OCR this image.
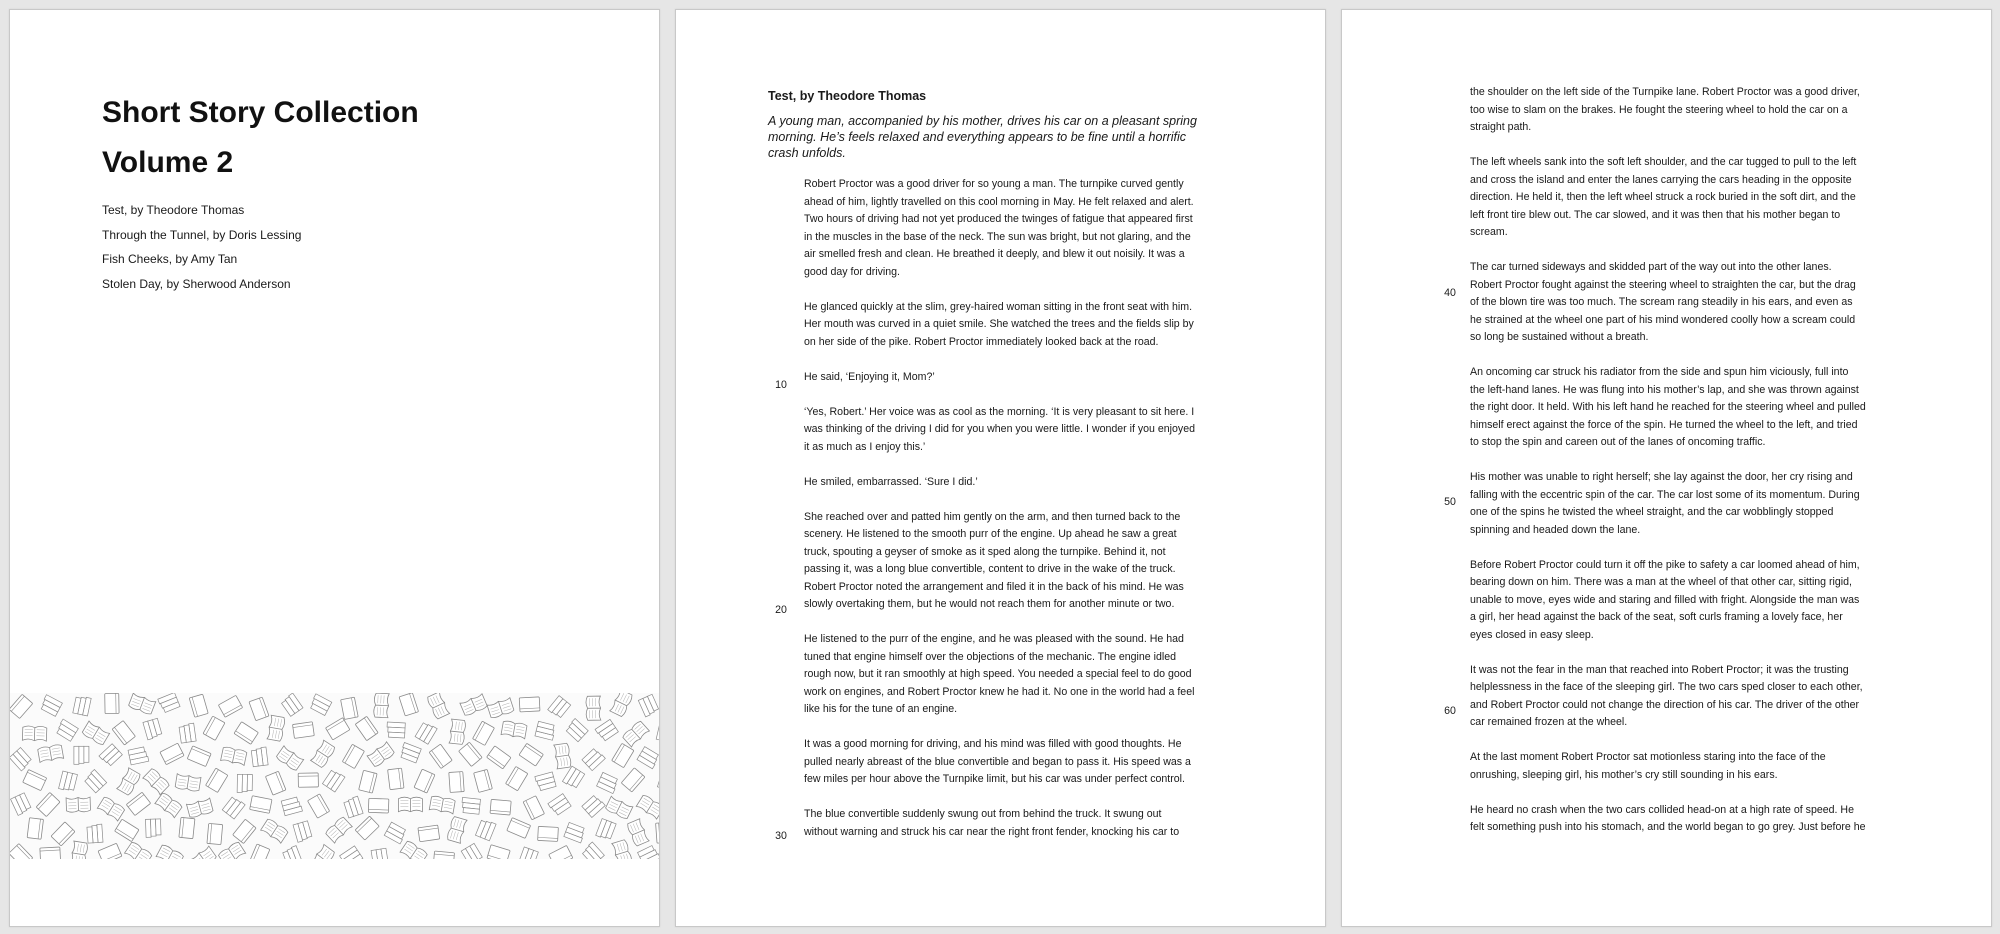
Short Story Collection
Volume 2
Test, by Theodore Thomas
Through the Tunnel, by Doris Lessing
Fish Cheeks, by Amy Tan
Stolen Day, by Sherwood Anderson
Test, by Theodore Thomas
A young man, accompanied by his mother, drives his car on a pleasant spring morning. He’s feels relaxed and everything appears to be fine until a horrific crash unfolds.

Robert Proctor was a good driver for so young a man. The turnpike curved gently ahead of him, lightly travelled on this cool morning in May. He felt relaxed and alert. Two hours of driving had not yet produced the twinges of fatigue that appeared first in the muscles in the base of the neck. The sun was bright, but not glaring, and the air smelled fresh and clean. He breathed it deeply, and blew it out noisily. It was a good day for driving.

He glanced quickly at the slim, grey-haired woman sitting in the front seat with him. Her mouth was curved in a quiet smile. She watched the trees and the fields slip by on her side of the pike. Robert Proctor immediately looked back at the road.

He said, ‘Enjoying it, Mom?’

‘Yes, Robert.’ Her voice was as cool as the morning. ‘It is very pleasant to sit here. I was thinking of the driving I did for you when you were little. I wonder if you enjoyed it as much as I enjoy this.’

He smiled, embarrassed. ‘Sure I did.’

She reached over and patted him gently on the arm, and then turned back to the scenery. He listened to the smooth purr of the engine. Up ahead he saw a great truck, spouting a geyser of smoke as it sped along the turnpike. Behind it, not passing it, was a long blue convertible, content to drive in the wake of the truck. Robert Proctor noted the arrangement and filed it in the back of his mind. He was slowly overtaking them, but he would not reach them for another minute or two.

He listened to the purr of the engine, and he was pleased with the sound. He had tuned that engine himself over the objections of the mechanic. The engine idled rough now, but it ran smoothly at high speed. You needed a special feel to do good work on engines, and Robert Proctor knew he had it. No one in the world had a feel like his for the tune of an engine.

It was a good morning for driving, and his mind was filled with good thoughts. He pulled nearly abreast of the blue convertible and began to pass it. His speed was a few miles per hour above the Turnpike limit, but his car was under perfect control.

The blue convertible suddenly swung out from behind the truck. It swung out without warning and struck his car near the right front fender, knocking his car to

10
20
30

the shoulder on the left side of the Turnpike lane. Robert Proctor was a good driver, too wise to slam on the brakes. He fought the steering wheel to hold the car on a straight path.

The left wheels sank into the soft left shoulder, and the car tugged to pull to the left and cross the island and enter the lanes carrying the cars heading in the opposite direction. He held it, then the left wheel struck a rock buried in the soft dirt, and the left front tire blew out. The car slowed, and it was then that his mother began to scream.

The car turned sideways and skidded part of the way out into the other lanes. Robert Proctor fought against the steering wheel to straighten the car, but the drag of the blown tire was too much. The scream rang steadily in his ears, and even as he strained at the wheel one part of his mind wondered coolly how a scream could so long be sustained without a breath.

An oncoming car struck his radiator from the side and spun him viciously, full into the left-hand lanes. He was flung into his mother’s lap, and she was thrown against the right door. It held. With his left hand he reached for the steering wheel and pulled himself erect against the force of the spin. He turned the wheel to the left, and tried to stop the spin and careen out of the lanes of oncoming traffic.

His mother was unable to right herself; she lay against the door, her cry rising and falling with the eccentric spin of the car. The car lost some of its momentum. During one of the spins he twisted the wheel straight, and the car wobblingly stopped spinning and headed down the lane.

Before Robert Proctor could turn it off the pike to safety a car loomed ahead of him, bearing down on him. There was a man at the wheel of that other car, sitting rigid, unable to move, eyes wide and staring and filled with fright. Alongside the man was a girl, her head against the back of the seat, soft curls framing a lovely face, her eyes closed in easy sleep.

It was not the fear in the man that reached into Robert Proctor; it was the trusting helplessness in the face of the sleeping girl. The two cars sped closer to each other, and Robert Proctor could not change the direction of his car. The driver of the other car remained frozen at the wheel.

At the last moment Robert Proctor sat motionless staring into the face of the onrushing, sleeping girl, his mother’s cry still sounding in his ears.

He heard no crash when the two cars collided head-on at a high rate of speed. He felt something push into his stomach, and the world began to go grey. Just before he

40
50
60
